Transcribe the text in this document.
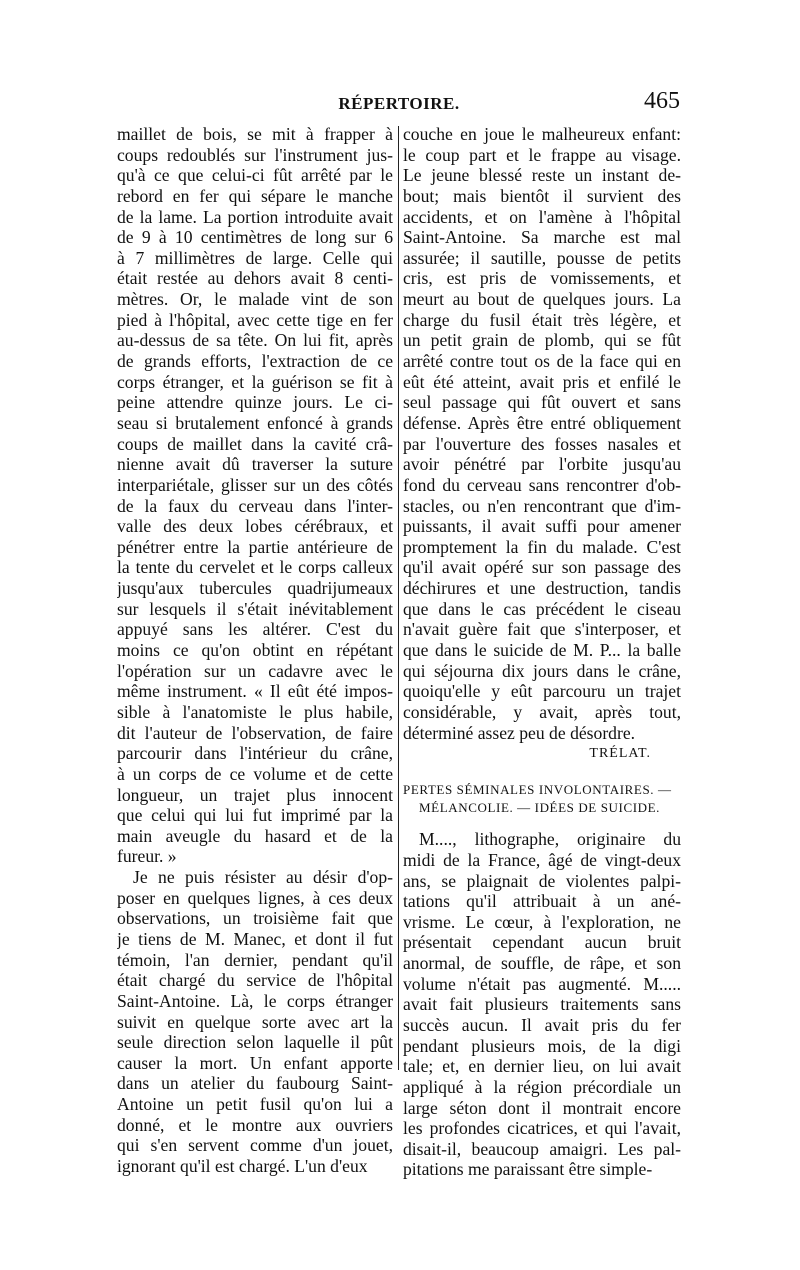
RÉPERTOIRE.	465
maillet de bois, se mit à frapper à
coups redoublés sur l'instrument jus-
qu'à ce que celui-ci fût arrêté par le
rebord en fer qui sépare le manche
de la lame. La portion introduite avait
de 9 à 10 centimètres de long sur 6
à 7 millimètres de large. Celle qui
était restée au dehors avait 8 centi-
mètres. Or, le malade vint de son
pied à l'hôpital, avec cette tige en fer
au-dessus de sa tête. On lui fit, après
de grands efforts, l'extraction de ce
corps étranger, et la guérison se fit à
peine attendre quinze jours. Le ci-
seau si brutalement enfoncé à grands
coups de maillet dans la cavité crâ-
nienne avait dû traverser la suture
interpariétale, glisser sur un des côtés
de la faux du cerveau dans l'inter-
valle des deux lobes cérébraux, et
pénétrer entre la partie antérieure de
la tente du cervelet et le corps calleux
jusqu'aux tubercules quadrijumeaux
sur lesquels il s'était inévitablement
appuyé sans les altérer. C'est du
moins ce qu'on obtint en répétant
l'opération sur un cadavre avec le
même instrument. « Il eût été impos-
sible à l'anatomiste le plus habile,
dit l'auteur de l'observation, de faire
parcourir dans l'intérieur du crâne,
à un corps de ce volume et de cette
longueur, un trajet plus innocent
que celui qui lui fut imprimé par la
main aveugle du hasard et de la
fureur. »
Je ne puis résister au désir d'op-
poser en quelques lignes, à ces deux
observations, un troisième fait que
je tiens de M. Manec, et dont il fut
témoin, l'an dernier, pendant qu'il
était chargé du service de l'hôpital
Saint-Antoine. Là, le corps étranger
suivit en quelque sorte avec art la
seule direction selon laquelle il pût
causer la mort. Un enfant apporte
dans un atelier du faubourg Saint-
Antoine un petit fusil qu'on lui a
donné, et le montre aux ouvriers
qui s'en servent comme d'un jouet,
ignorant qu'il est chargé. L'un d'eux
couche en joue le malheureux enfant:
le coup part et le frappe au visage.
Le jeune blessé reste un instant de-
bout; mais bientôt il survient des
accidents, et on l'amène à l'hôpital
Saint-Antoine. Sa marche est mal
assurée; il sautille, pousse de petits
cris, est pris de vomissements, et
meurt au bout de quelques jours. La
charge du fusil était très légère, et
un petit grain de plomb, qui se fût
arrêté contre tout os de la face qui en
eût été atteint, avait pris et enfilé le
seul passage qui fût ouvert et sans
défense. Après être entré obliquement
par l'ouverture des fosses nasales et
avoir pénétré par l'orbite jusqu'au
fond du cerveau sans rencontrer d'ob-
stacles, ou n'en rencontrant que d'im-
puissants, il avait suffi pour amener
promptement la fin du malade. C'est
qu'il avait opéré sur son passage des
déchirures et une destruction, tandis
que dans le cas précédent le ciseau
n'avait guère fait que s'interposer, et
que dans le suicide de M. P... la balle
qui séjourna dix jours dans le crâne,
quoiqu'elle y eût parcouru un trajet
considérable, y avait, après tout,
déterminé assez peu de désordre.
TRÉLAT.
PERTES SÉMINALES INVOLONTAIRES. —
MÉLANCOLIE. — IDÉES DE SUICIDE.
M...., lithographe, originaire du
midi de la France, âgé de vingt-deux
ans, se plaignait de violentes palpi-
tations qu'il attribuait à un ané-
vrisme. Le cœur, à l'exploration, ne
présentait cependant aucun bruit
anormal, de souffle, de râpe, et son
volume n'était pas augmenté. M.....
avait fait plusieurs traitements sans
succès aucun. Il avait pris du fer
pendant plusieurs mois, de la digi
tale; et, en dernier lieu, on lui avait
appliqué à la région précordiale un
large séton dont il montrait encore
les profondes cicatrices, et qui l'avait,
disait-il, beaucoup amaigri. Les pal-
pitations me paraissant être simple-
